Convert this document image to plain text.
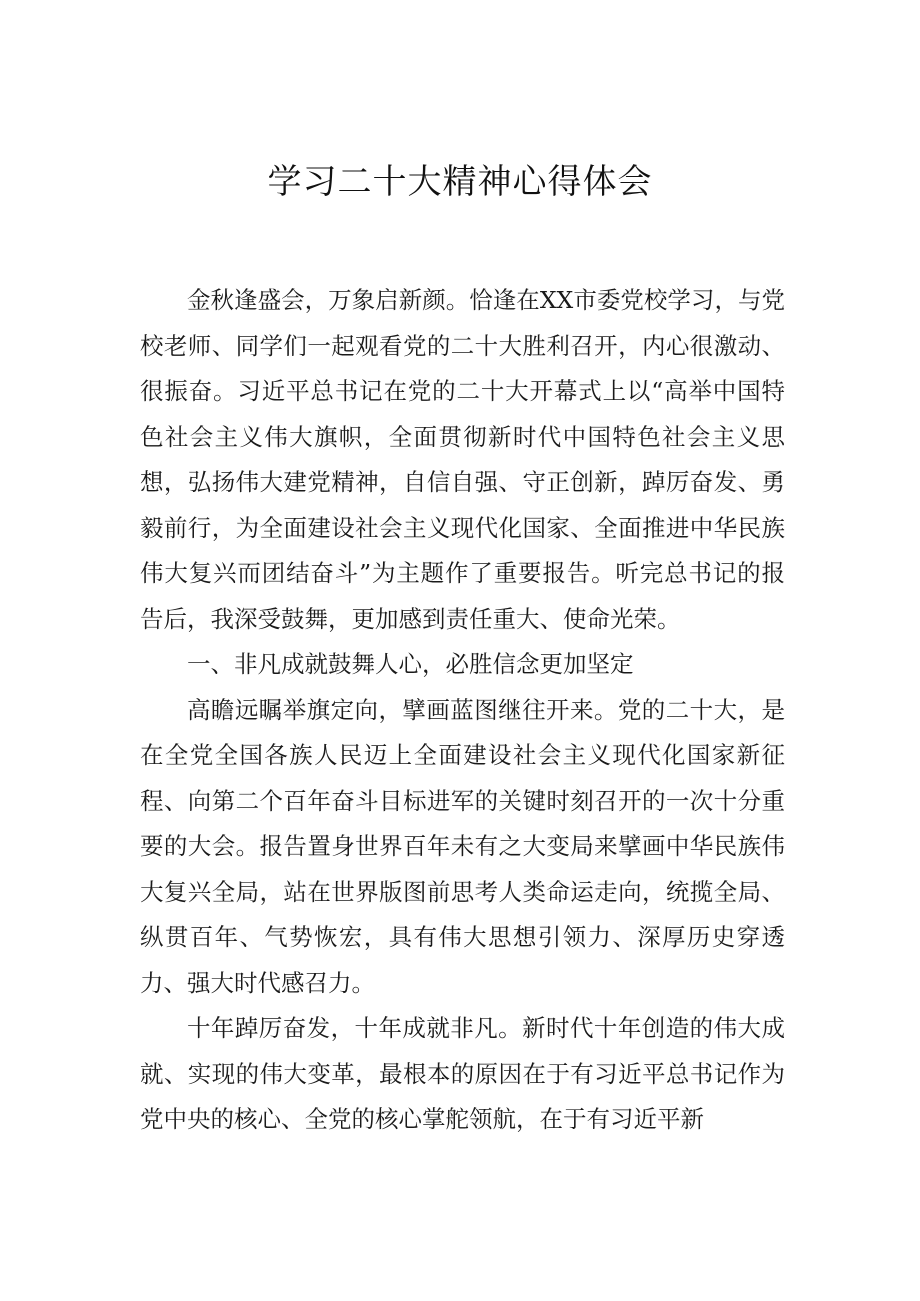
学习二十大精神心得体会

金秋逢盛会，万象启新颜。恰逢在XX市委党校学习，与党校老师、同学们一起观看党的二十大胜利召开，内心很激动、很振奋。习近平总书记在党的二十大开幕式上以“高举中国特色社会主义伟大旗帜，全面贯彻新时代中国特色社会主义思想，弘扬伟大建党精神，自信自强、守正创新，踔厉奋发、勇毅前行，为全面建设社会主义现代化国家、全面推进中华民族伟大复兴而团结奋斗”为主题作了重要报告。听完总书记的报告后，我深受鼓舞，更加感到责任重大、使命光荣。

一、非凡成就鼓舞人心，必胜信念更加坚定

高瞻远瞩举旗定向，擘画蓝图继往开来。党的二十大，是在全党全国各族人民迈上全面建设社会主义现代化国家新征程、向第二个百年奋斗目标进军的关键时刻召开的一次十分重要的大会。报告置身世界百年未有之大变局来擘画中华民族伟大复兴全局，站在世界版图前思考人类命运走向，统揽全局、纵贯百年、气势恢宏，具有伟大思想引领力、深厚历史穿透力、强大时代感召力。

十年踔厉奋发，十年成就非凡。新时代十年创造的伟大成就、实现的伟大变革，最根本的原因在于有习近平总书记作为党中央的核心、全党的核心掌舵领航，在于有习近平新
